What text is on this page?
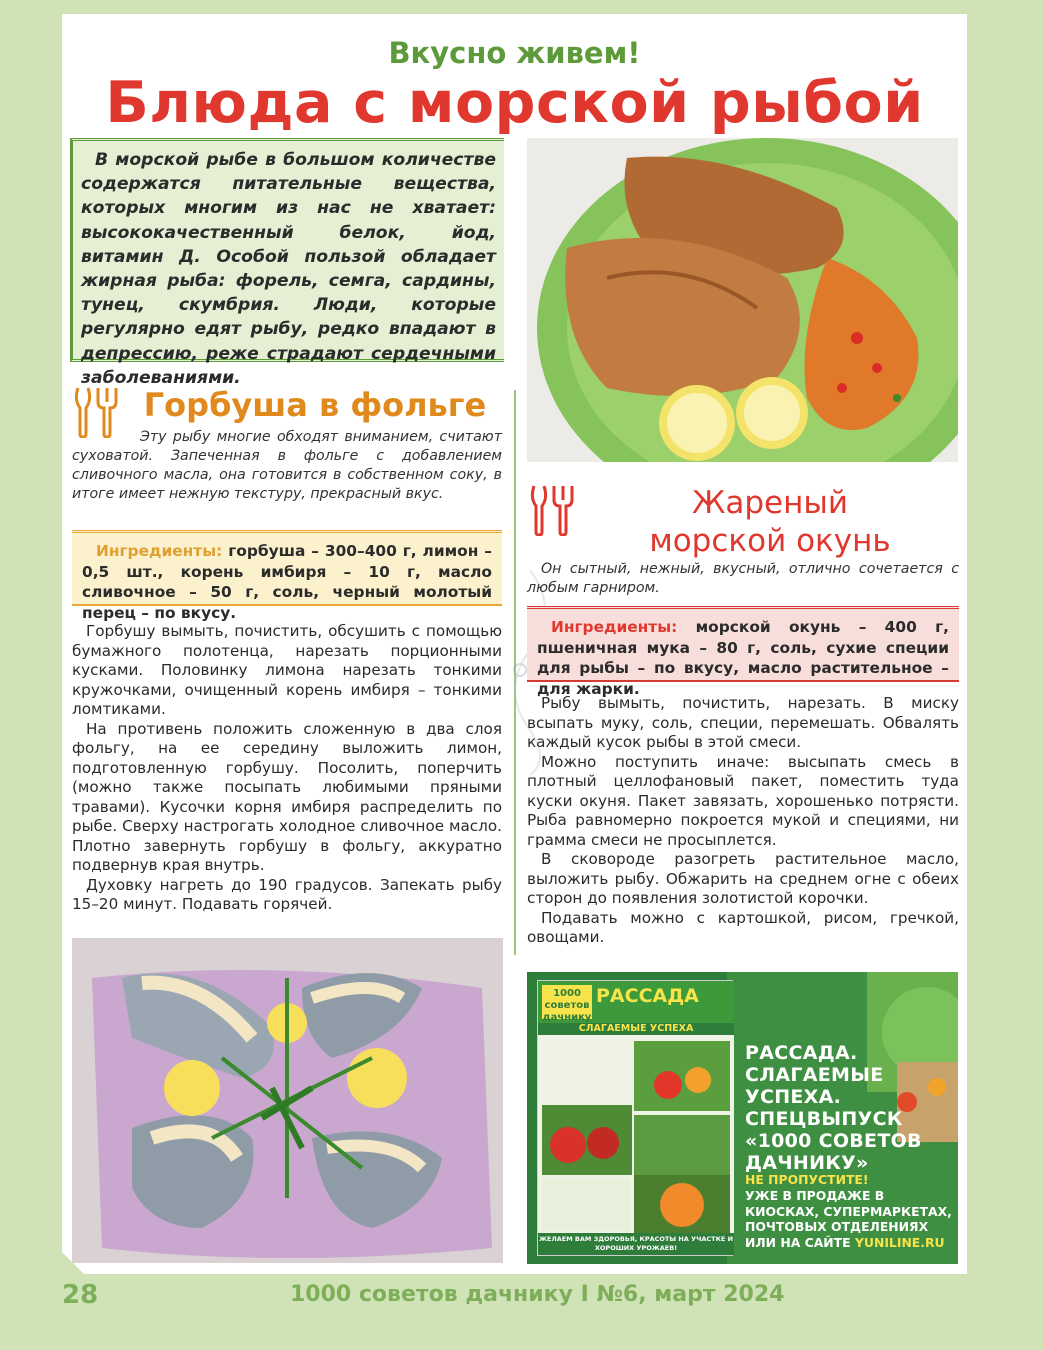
Вкусно живем!
Блюда с морской рыбой

В морской рыбе в большом количестве содержатся питательные вещества, которых многим из нас не хватает: высококачественный белок, йод, витамин Д. Особой пользой обладает жирная рыба: форель, семга, сардины, тунец, скумбрия. Люди, которые регулярно едят рыбу, редко впадают в депрессию, реже страдают сердечными заболеваниями.

Горбуша в фольге
Эту рыбу многие обходят вниманием, считают суховатой. Запеченная в фольге с добавлением сливочного масла, она готовится в собственном соку, в итоге имеет нежную текстуру, прекрасный вкус.
Ингредиенты: горбуша – 300–400 г, лимон – 0,5 шт., корень имбиря – 10 г, масло сливочное – 50 г, соль, черный молотый перец – по вкусу.

Горбушу вымыть, почистить, обсушить с помощью бумажного полотенца, нарезать порционными кусками. Половинку лимона нарезать тонкими кружочками, очищенный корень имбиря – тонкими ломтиками.

На противень положить сложенную в два слоя фольгу, на ее середину выложить лимон, подготовленную горбушу. Посолить, поперчить (можно также посыпать любимыми пряными травами). Кусочки корня имбиря распределить по рыбе. Сверху настрогать холодное сливочное масло. Плотно завернуть горбушу в фольгу, аккуратно подвернув края внутрь.

Духовку нагреть до 190 градусов. Запекать рыбу 15–20 минут. Подавать горячей.

Жареный
морской окунь
Он сытный, нежный, вкусный, отлично сочетается с любым гарниром.
Ингредиенты: морской окунь – 400 г, пшеничная мука – 80 г, соль, сухие специи для рыбы – по вкусу, масло растительное – для жарки.

Рыбу вымыть, почистить, нарезать. В миску всыпать муку, соль, специи, перемешать. Обвалять каждый кусок рыбы в этой смеси.

Можно поступить иначе: высыпать смесь в плотный целлофановый пакет, поместить туда куски окуня. Пакет завязать, хорошенько потрясти. Рыба равномерно покроется мукой и специями, ни грамма смеси не просыплется.

В сковороде разогреть растительное масло, выложить рыбу. Обжарить на среднем огне с обеих сторон до появления золотистой корочки.

Подавать можно с картошкой, рисом, гречкой, овощами.

1000 советов дачнику
РАССАДА
СЛАГАЕМЫЕ УСПЕХА
ЖЕЛАЕМ ВАМ ЗДОРОВЬЯ, КРАСОТЫ НА УЧАСТКЕ И ХОРОШИХ УРОЖАЕВ!
РАССАДА. СЛАГАЕМЫЕ УСПЕХА. СПЕЦВЫПУСК «1000 СОВЕТОВ ДАЧНИКУ»
НЕ ПРОПУСТИТЕ!
УЖЕ В ПРОДАЖЕ В КИОСКАХ, СУПЕРМАРКЕТАХ, ПОЧТОВЫХ ОТДЕЛЕНИЯХ ИЛИ НА САЙТЕ YUNILINE.RU
28	1000 советов дачнику I №6, март 2024
